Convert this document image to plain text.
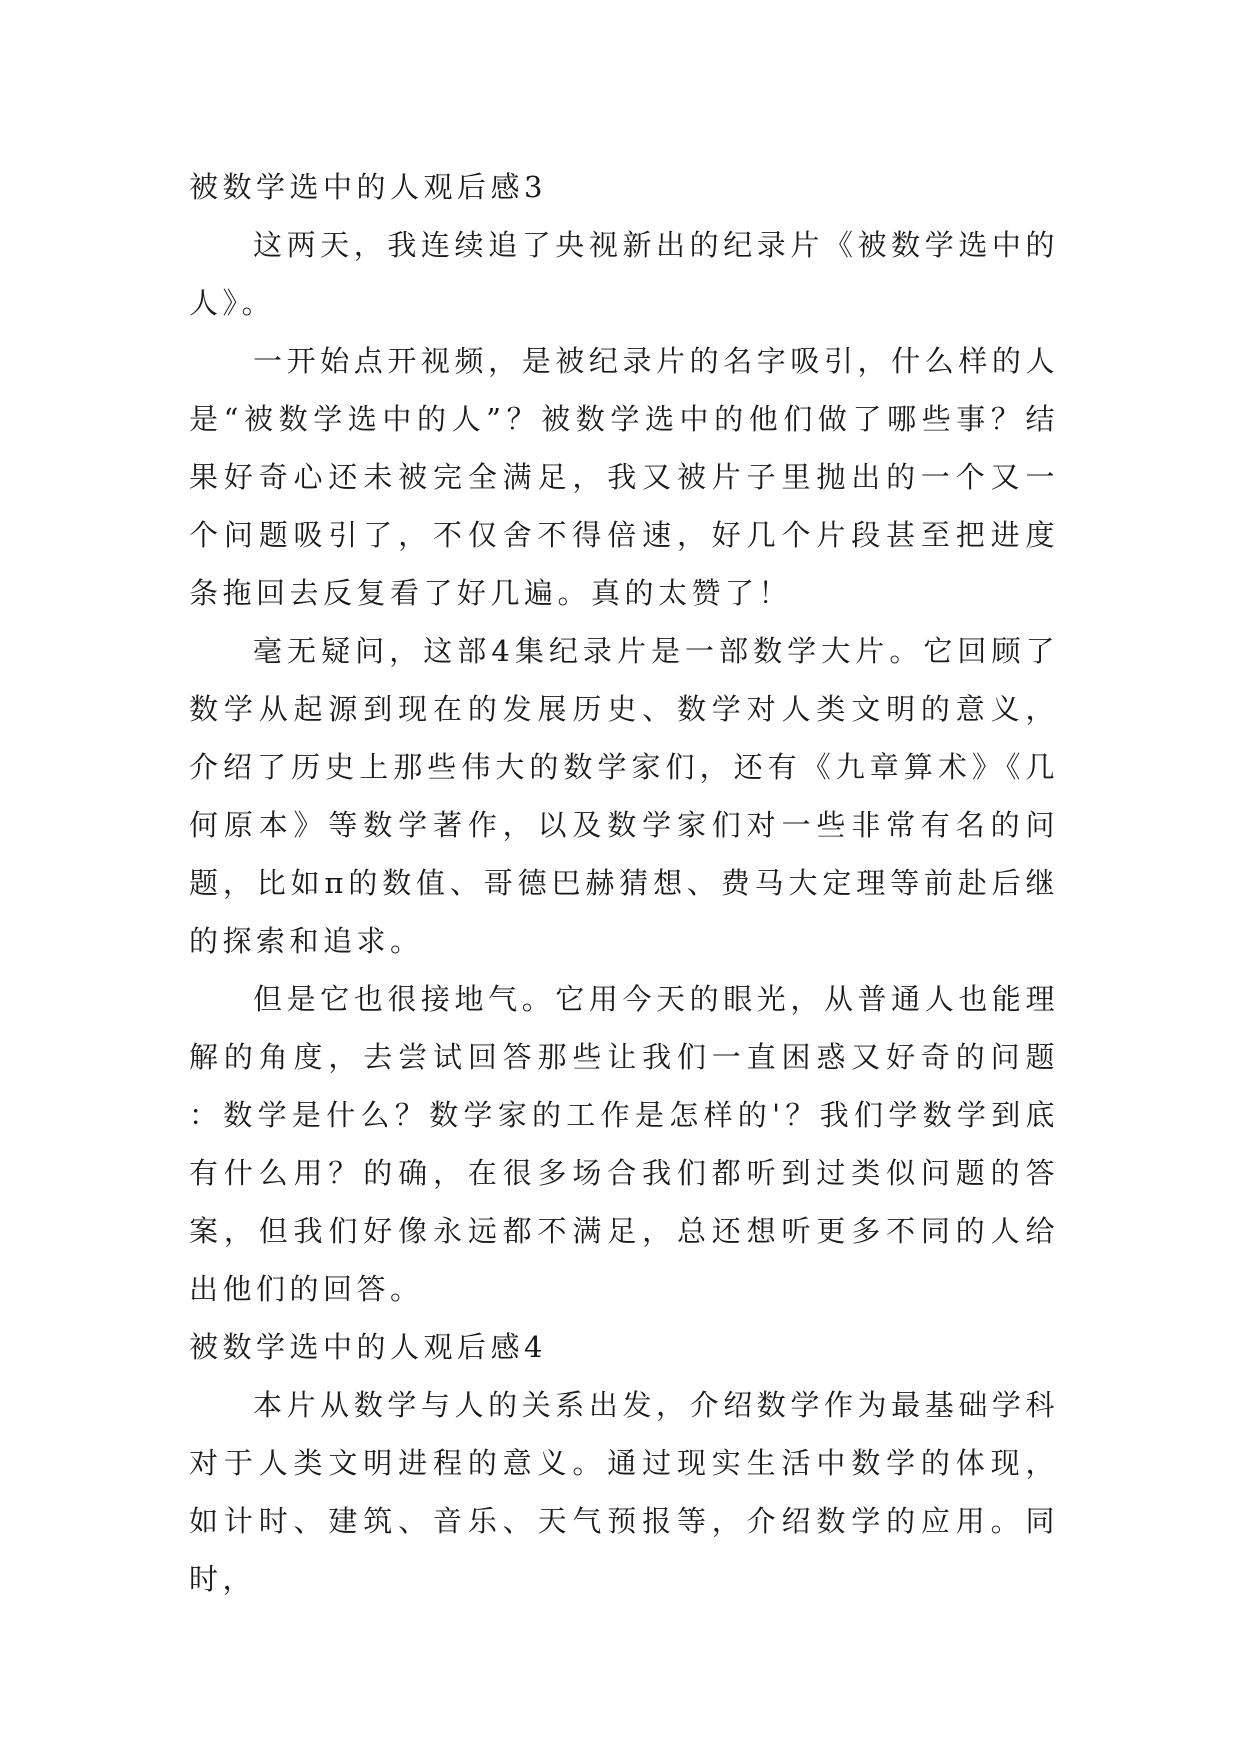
被数学选中的人观后感3

这两天，我连续追了央视新出的纪录片《被数学选中的人》。

一开始点开视频，是被纪录片的名字吸引，什么样的人是“被数学选中的人”？被数学选中的他们做了哪些事？结果好奇心还未被完全满足，我又被片子里抛出的一个又一个问题吸引了，不仅舍不得倍速，好几个片段甚至把进度条拖回去反复看了好几遍。真的太赞了！

毫无疑问，这部4集纪录片是一部数学大片。它回顾了数学从起源到现在的发展历史、数学对人类文明的意义，介绍了历史上那些伟大的数学家们，还有《九章算术》《几何原本》等数学著作，以及数学家们对一些非常有名的问题，比如π的数值、哥德巴赫猜想、费马大定理等前赴后继的探索和追求。

但是它也很接地气。它用今天的眼光，从普通人也能理解的角度，去尝试回答那些让我们一直困惑又好奇的问题：数学是什么？数学家的工作是怎样的'？我们学数学到底有什么用？的确，在很多场合我们都听到过类似问题的答案，但我们好像永远都不满足，总还想听更多不同的人给出他们的回答。

被数学选中的人观后感4

本片从数学与人的关系出发，介绍数学作为最基础学科对于人类文明进程的意义。通过现实生活中数学的体现，如计时、建筑、音乐、天气预报等，介绍数学的应用。同时，
